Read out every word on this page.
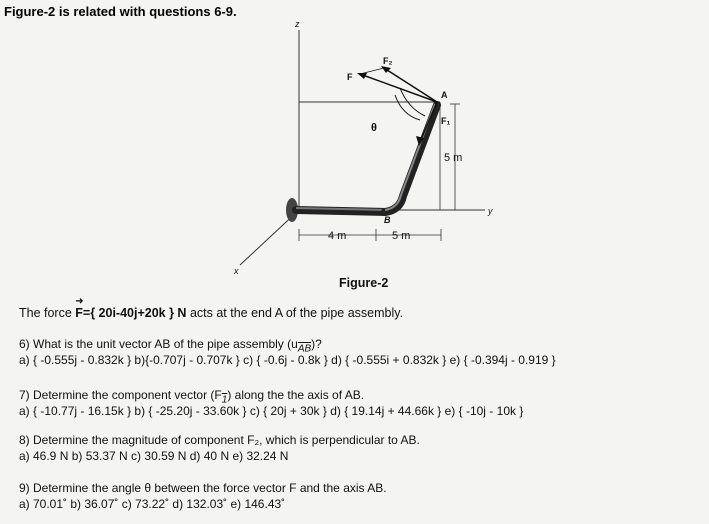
Figure-2 is related with questions 6-9.
z
x
y
F
F₂
F₁
A
B
θ
5 m
4 m	5 m
Figure-2
The force ➜ F={ 20i-40j+20k } N acts at the end A of the pipe assembly.
6) What is the unit vector AB of the pipe assembly $(u_{\overline{AB}})$?
a) { -0.555j - 0.832k } b){-0.707j - 0.707k } c) { -0.6j - 0.8k } d) { -0.555i + 0.832k } e) { -0.394j - 0.919 }
7) Determine the component vector $(F_1)$ along the the axis of AB.
a) { -10.77j - 16.15k } b) { -25.20j - 33.60k } c) { 20j + 30k } d) { 19.14j + 44.66k } e) { -10j - 10k }
8) Determine the magnitude of component F₂, which is perpendicular to AB.
a) 46.9 N b) 53.37 N c) 30.59 N d) 40 N e) 32.24 N
9) Determine the angle θ between the force vector F and the axis AB.
a) 70.01˚ b) 36.07˚ c) 73.22˚ d) 132.03˚ e) 146.43˚
